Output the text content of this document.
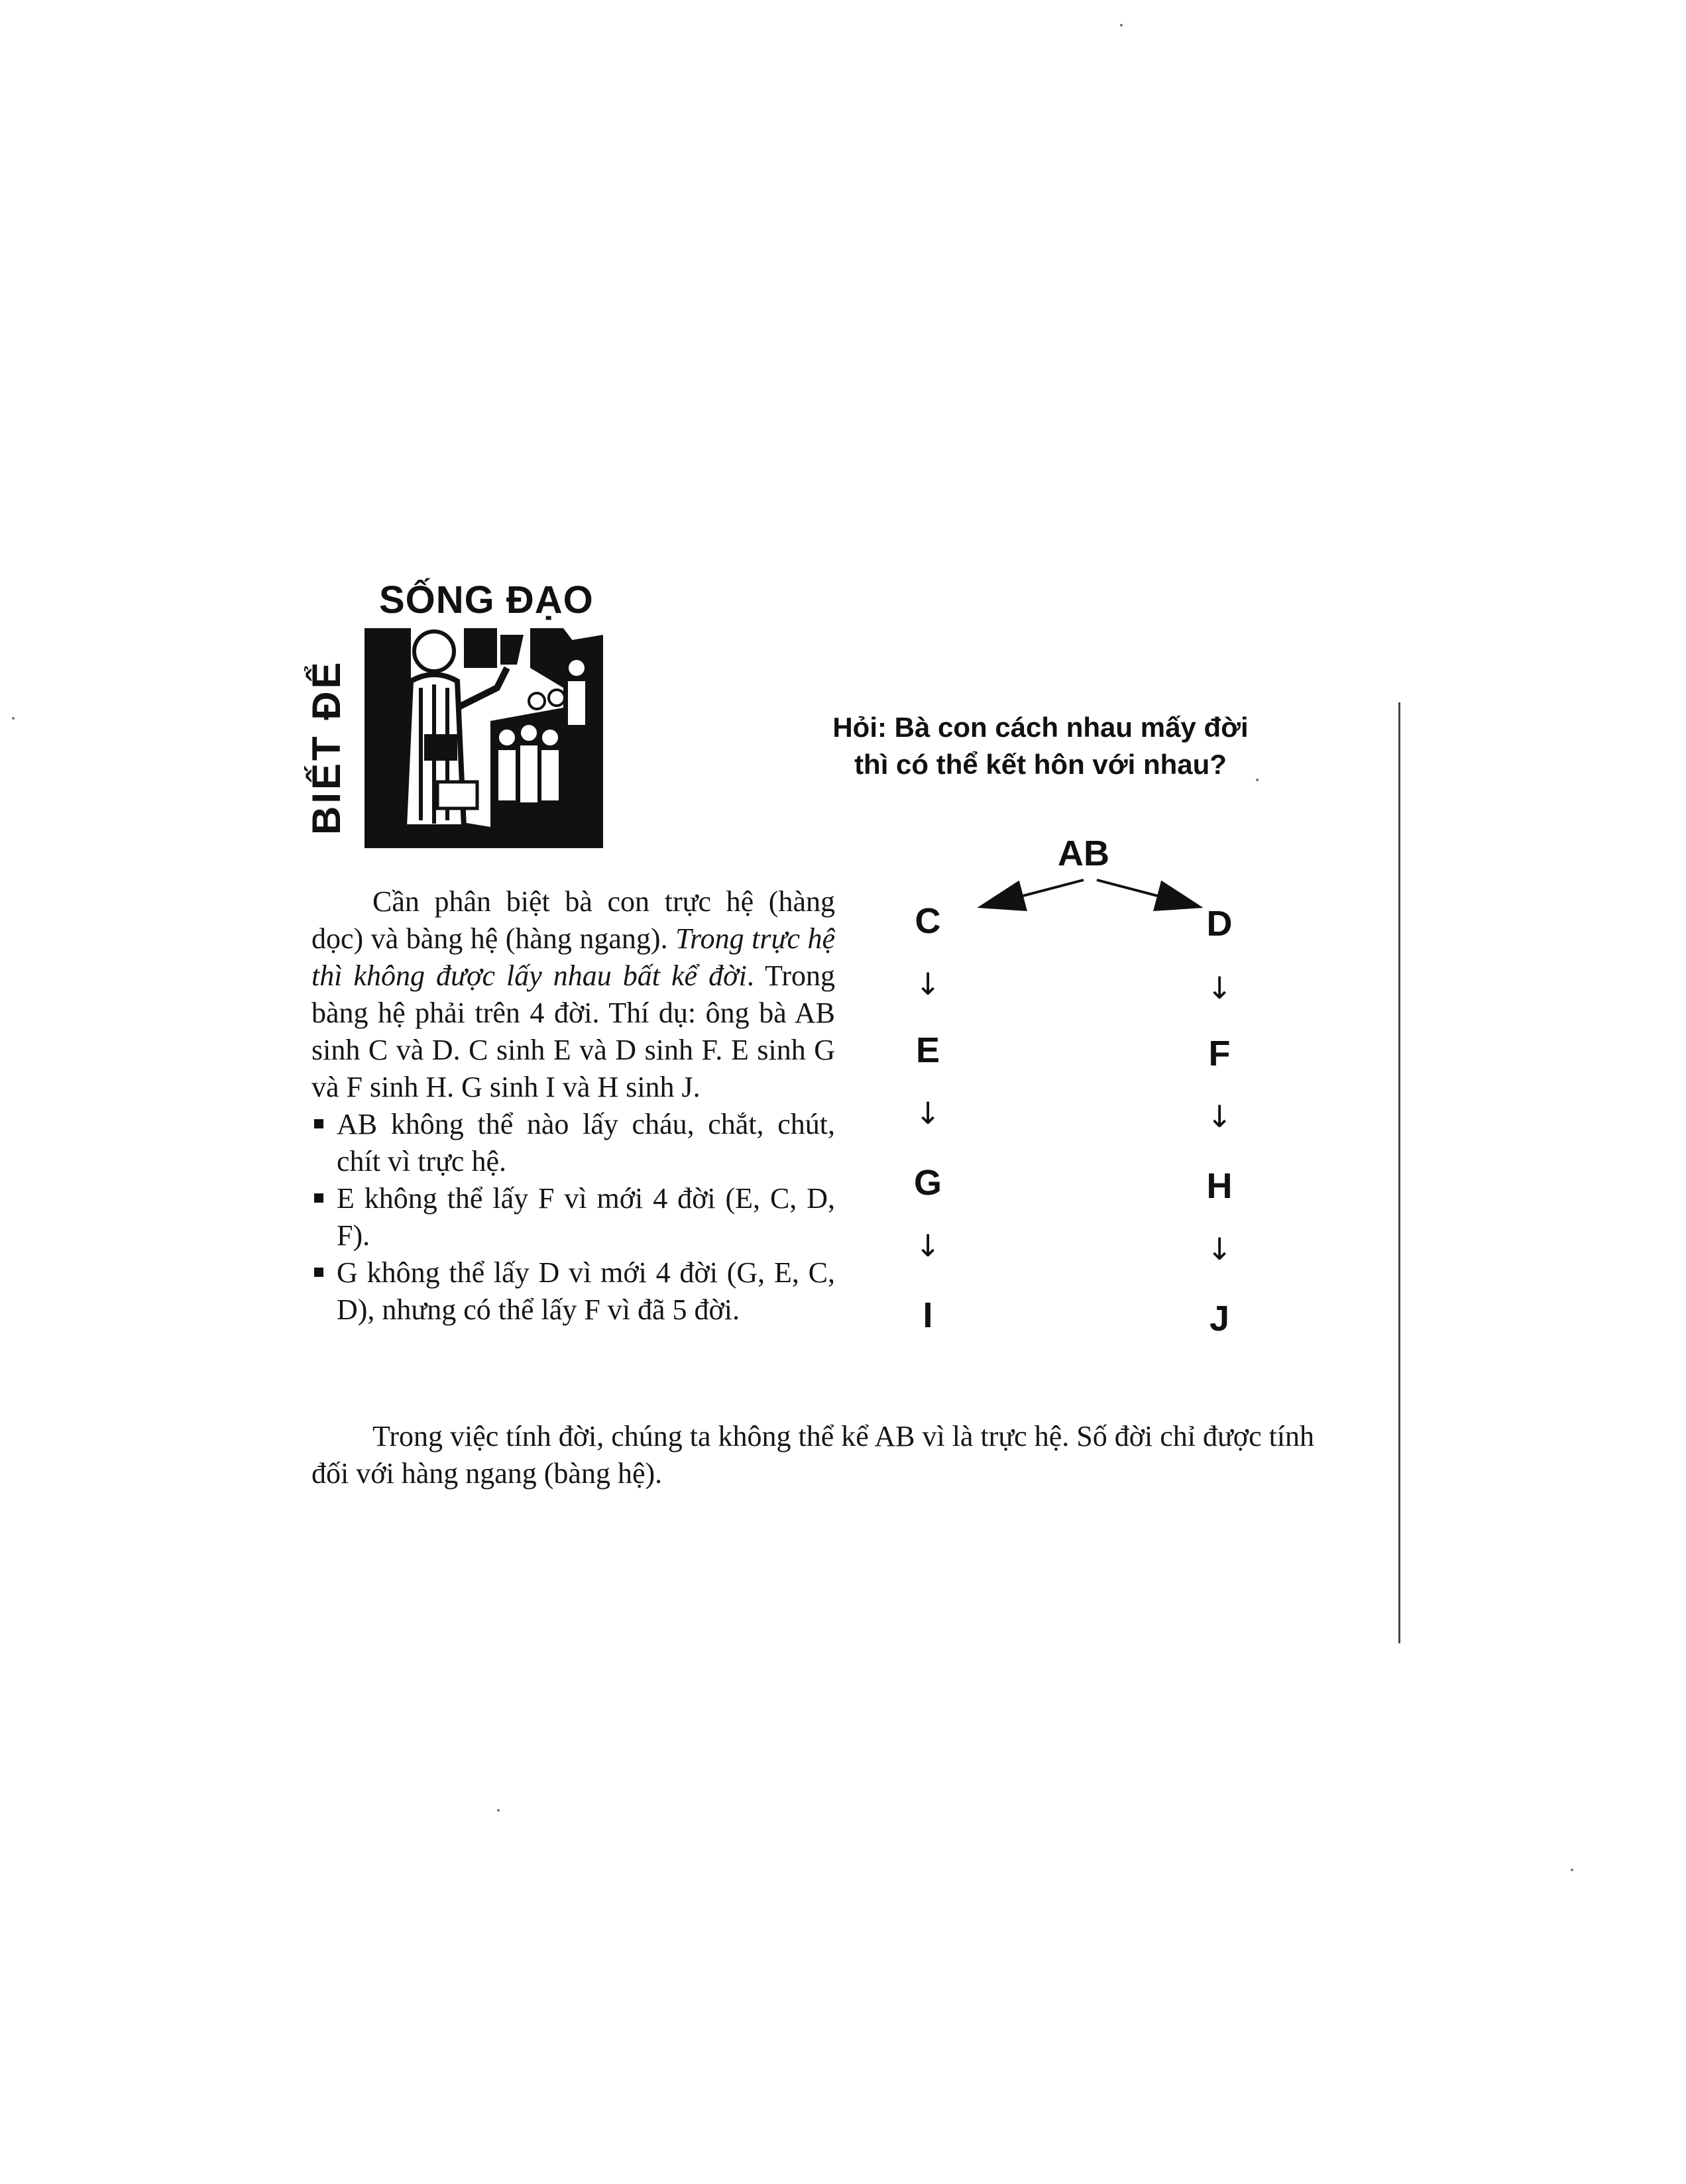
SỐNG ĐẠO
BIẾT ĐỂ	Hỏi: Bà con cách nhau mấy đời
thì có thể kết hôn với nhau?

Cần phân biệt bà con trực hệ (hàng dọc) và bàng hệ (hàng ngang). Trong trực hệ thì không được lấy nhau bất kể đời. Trong bàng hệ phải trên 4 đời. Thí dụ: ông bà AB sinh C và D. C sinh E và D sinh F. E sinh G và F sinh H. G sinh I và H sinh J.

AB không thể nào lấy cháu, chắt, chút, chít vì trực hệ.
E không thể lấy F vì mới 4 đời (E, C, D, F).
G không thể lấy D vì mới 4 đời (G, E, C, D), nhưng có thể lấy F vì đã 5 đời.
Trong việc tính đời, chúng ta không thể kể AB vì là trực hệ. Số đời chỉ được tính đối với hàng ngang (bàng hệ).
AB
C
↓
E
↓
G
↓
I
D
↓
F
↓
H
↓
J
